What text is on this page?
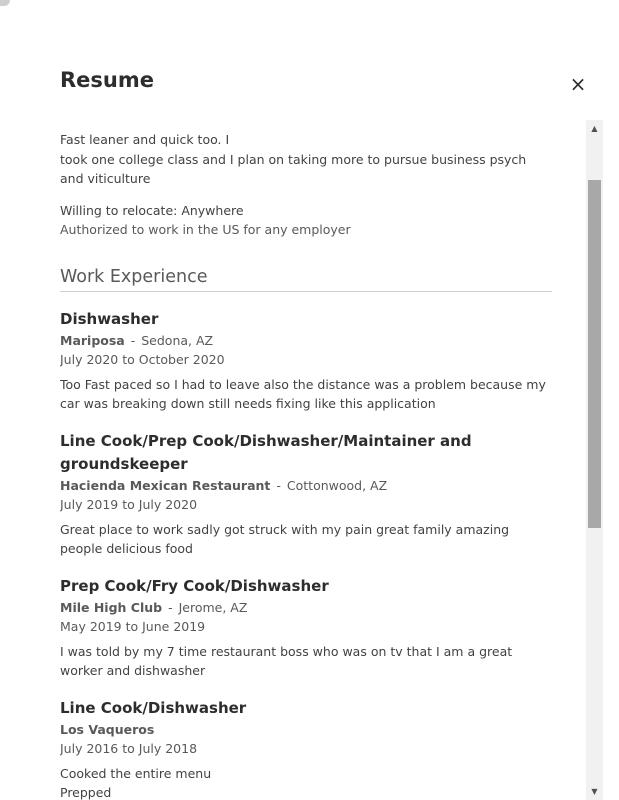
Resume	×

Fast leaner and quick too. I

took one college class and I plan on taking more to pursue business psych

and viticulture

Willing to relocate: Anywhere

Authorized to work in the US for any employer

Work Experience
Dishwasher
Mariposa - Sedona, AZ
July 2020 to October 2020

Too Fast paced so I had to leave also the distance was a problem because my car was breaking down still needs fixing like this application

Line Cook/Prep Cook/Dishwasher/Maintainer and groundskeeper
Hacienda Mexican Restaurant - Cottonwood, AZ
July 2019 to July 2020

Great place to work sadly got struck with my pain great family amazing people delicious food

Prep Cook/Fry Cook/Dishwasher
Mile High Club - Jerome, AZ
May 2019 to June 2019

I was told by my 7 time restaurant boss who was on tv that I am a great worker and dishwasher

Line Cook/Dishwasher
Los Vaqueros
July 2016 to July 2018

Cooked the entire menu

Prepped

▲
▼
